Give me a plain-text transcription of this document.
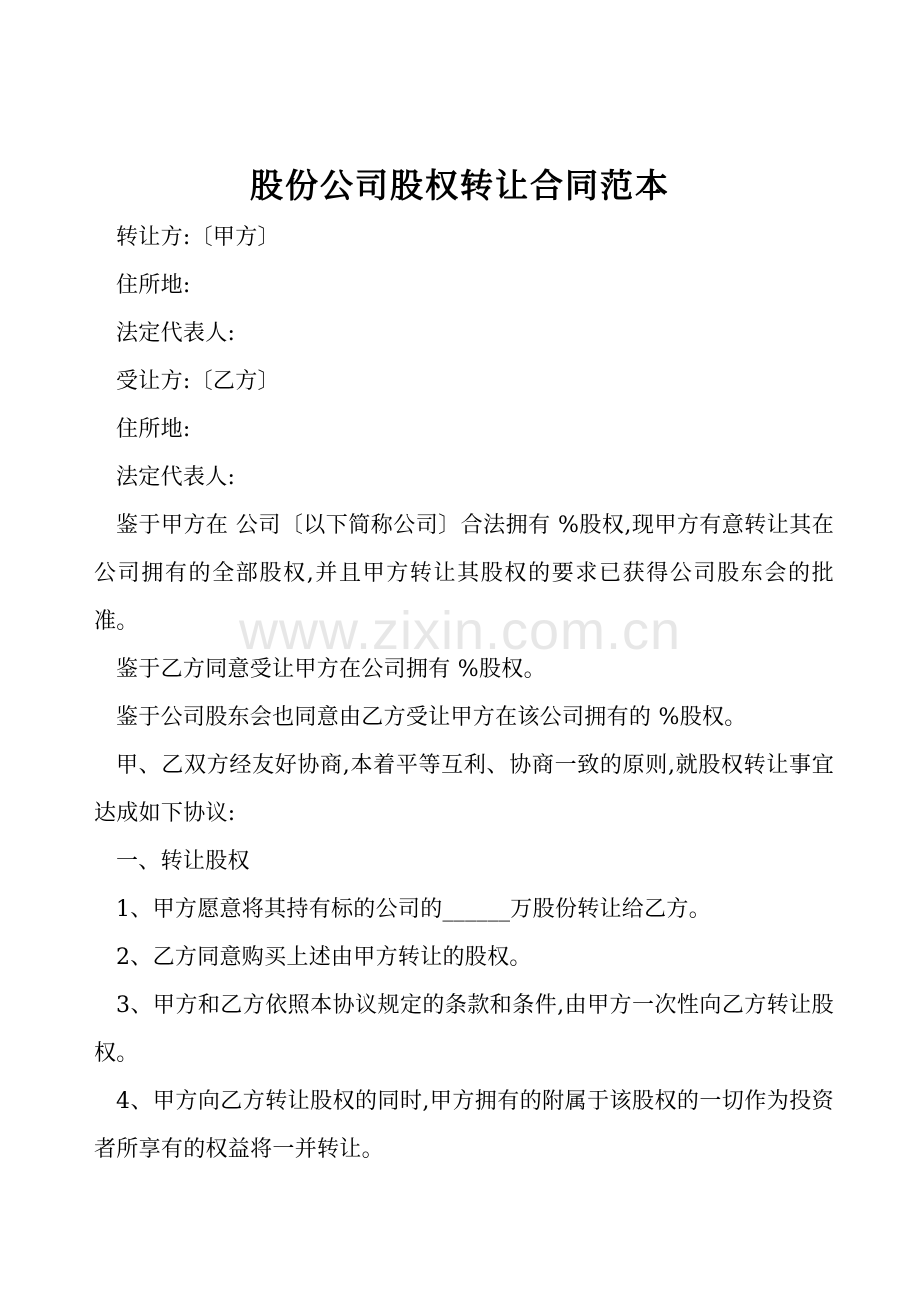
股份公司股权转让合同范本

转让方:〔甲方〕

住所地:

法定代表人:

受让方:〔乙方〕

住所地:

法定代表人:

鉴于甲方在 公司〔以下简称公司〕合法拥有 %股权,现甲方有意转让其在公司拥有的全部股权,并且甲方转让其股权的要求已获得公司股东会的批准。

鉴于乙方同意受让甲方在公司拥有 %股权。

鉴于公司股东会也同意由乙方受让甲方在该公司拥有的 %股权。

甲、乙双方经友好协商,本着平等互利、协商一致的原则,就股权转让事宜达成如下协议:

一、转让股权

1、甲方愿意将其持有标的公司的______万股份转让给乙方。

2、乙方同意购买上述由甲方转让的股权。

3、甲方和乙方依照本协议规定的条款和条件,由甲方一次性向乙方转让股权。

4、甲方向乙方转让股权的同时,甲方拥有的附属于该股权的一切作为投资者所享有的权益将一并转让。

www.zixin.com.cn
